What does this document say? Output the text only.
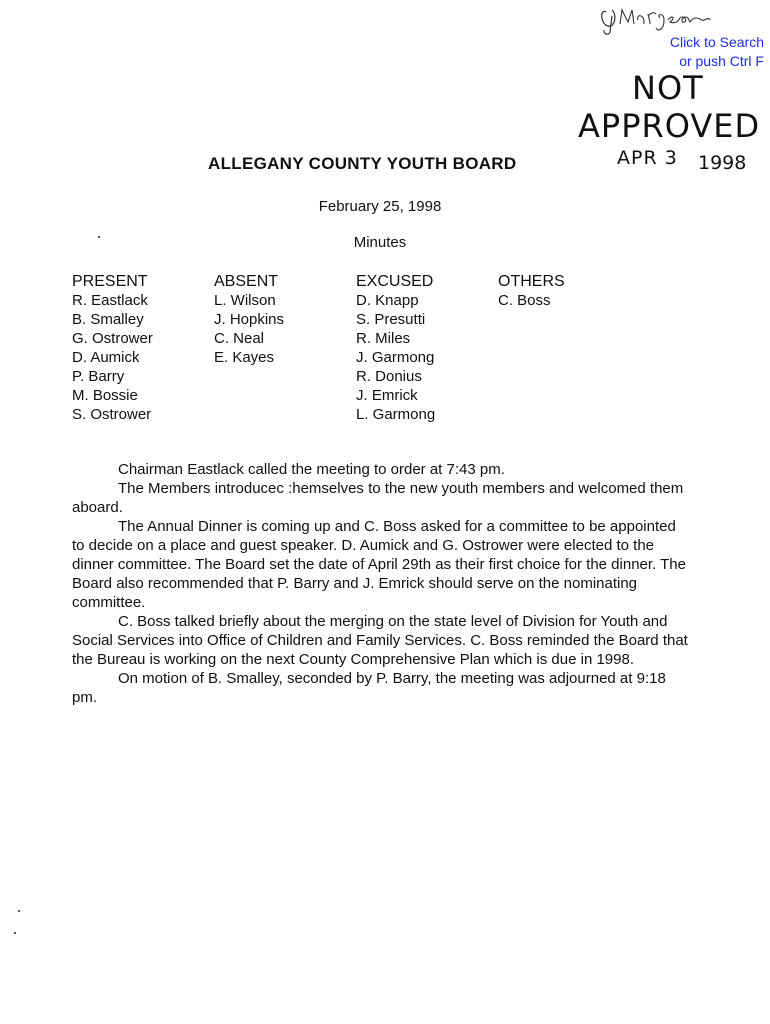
Click to Search
or push Ctrl F
NOT
APPROVED
APR 3 1998
ALLEGANY COUNTY YOUTH BOARD
February 25, 1998
Minutes
PRESENT
R. Eastlack
B. Smalley
G. Ostrower
D. Aumick
P. Barry
M. Bossie
S. Ostrower
ABSENT
L. Wilson
J. Hopkins
C. Neal
E. Kayes
EXCUSED
D. Knapp
S. Presutti
R. Miles
J. Garmong
R. Donius
J. Emrick
L. Garmong
OTHERS
C. Boss

Chairman Eastlack called the meeting to order at 7:43 pm.

The Members introducec :hemselves to the new youth members and welcomed them aboard.

The Annual Dinner is coming up and C. Boss asked for a committee to be appointed to decide on a place and guest speaker. D. Aumick and G. Ostrower were elected to the dinner committee. The Board set the date of April 29th as their first choice for the dinner. The Board also recommended that P. Barry and J. Emrick should serve on the nominating committee.

C. Boss talked briefly about the merging on the state level of Division for Youth and Social Services into Office of Children and Family Services. C. Boss reminded the Board that the Bureau is working on the next County Comprehensive Plan which is due in 1998.

On motion of B. Smalley, seconded by P. Barry, the meeting was adjourned at 9:18 pm.
